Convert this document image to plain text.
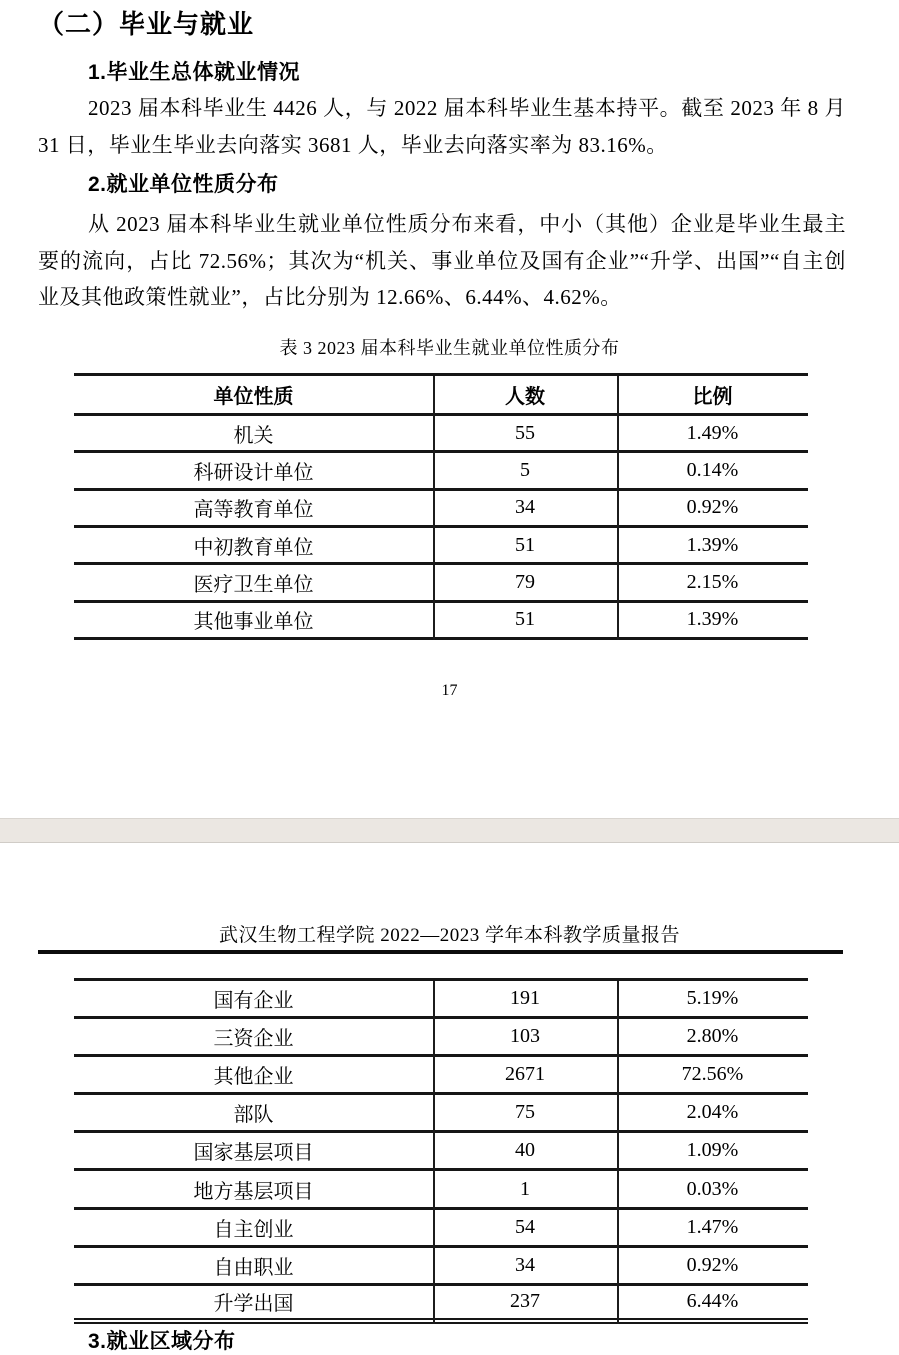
（二）毕业与就业
1.毕业生总体就业情况
2023 届本科毕业生 4426 人，与 2022 届本科毕业生基本持平。截至 2023 年 8 月 31 日，毕业生毕业去向落实 3681 人，毕业去向落实率为 83.16%。
2.就业单位性质分布
从 2023 届本科毕业生就业单位性质分布来看，中小（其他）企业是毕业生最主要的流向，占比 72.56%；其次为“机关、事业单位及国有企业”“升学、出国”“自主创业及其他政策性就业”，占比分别为 12.66%、6.44%、4.62%。
表 3 2023 届本科毕业生就业单位性质分布
单位性质	人数	比例
机关	55	1.49%
科研设计单位	5	0.14%
高等教育单位	34	0.92%
中初教育单位	51	1.39%
医疗卫生单位	79	2.15%
其他事业单位	51	1.39%
17
武汉生物工程学院 2022—2023 学年本科教学质量报告
国有企业	191	5.19%
三资企业	103	2.80%
其他企业	2671	72.56%
部队	75	2.04%
国家基层项目	40	1.09%
地方基层项目	1	0.03%
自主创业	54	1.47%
自由职业	34	0.92%
升学出国	237	6.44%
3.就业区域分布
